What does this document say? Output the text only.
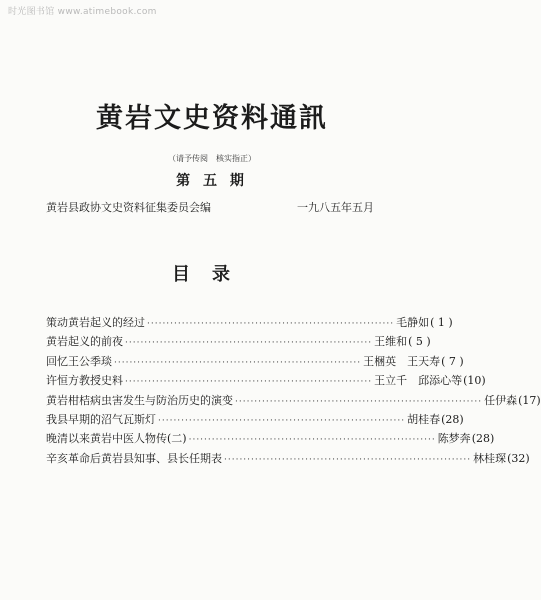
时光图书馆 www.atimebook.com
黄岩文史资料通訊
（请予传阅　核实指正）
第 五 期
黄岩县政协文史资料征集委员会编	一九八五年五月
目录
策动黄岩起义的经过 ································································ 毛静如 ( 1 )
黄岩起义的前夜 ································································ 王维和 ( 5 )
回忆王公季琰 ································································ 王梱英　王天寿 ( 7 )
许恒方教授史料 ································································ 王立千　邱添心等 (10)
黄岩柑桔病虫害发生与防治历史的演变 ································································ 任伊森 (17)
我县早期的沼气瓦斯灯 ································································ 胡桂春 (28)
晚清以来黄岩中医人物传(二) ································································ 陈梦奔 (28)
辛亥革命后黄岩县知事、县长任期表 ································································ 林桂琛 (32)
